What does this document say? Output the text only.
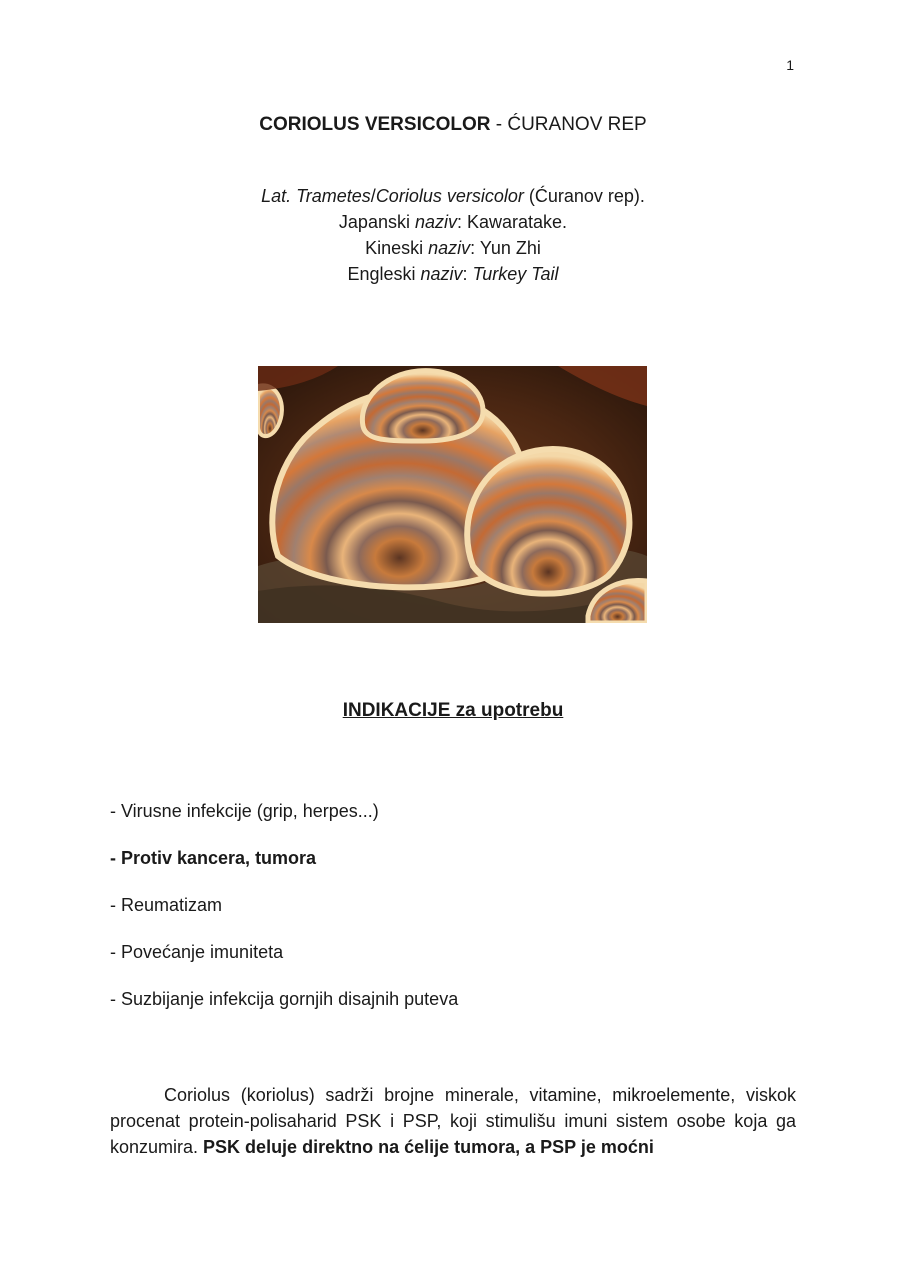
1
CORIOLUS VERSICOLOR - ĆURANOV REP
Lat. Trametes/Coriolus versicolor (Ćuranov rep).
Japanski naziv: Kawaratake.
Kineski naziv: Yun Zhi
Engleski naziv: Turkey Tail
INDIKACIJE za upotrebu
- Virusne infekcije (grip, herpes...)
- Protiv kancera, tumora
- Reumatizam
- Povećanje imuniteta
- Suzbijanje infekcija gornjih disajnih puteva

Coriolus (koriolus) sadrži brojne minerale, vitamine, mikroelemente, viskok procenat protein-polisaharid PSK i PSP, koji stimulišu imuni sistem osobe koja ga konzumira. PSK deluje direktno na ćelije tumora, a PSP je moćni
